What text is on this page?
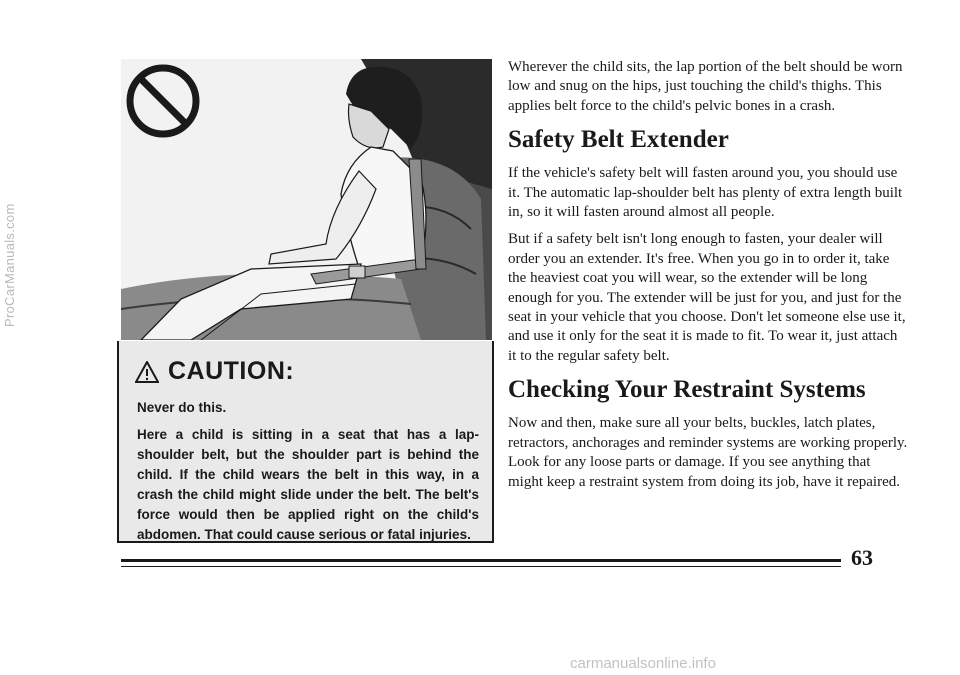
ProCarManuals.com
CAUTION:

Never do this.

Here a child is sitting in a seat that has a lap-shoulder belt, but the shoulder part is behind the child. If the child wears the belt in this way, in a crash the child might slide under the belt. The belt's force would then be applied right on the child's abdomen. That could cause serious or fatal injuries.

Wherever the child sits, the lap portion of the belt should be worn low and snug on the hips, just touching the child's thighs. This applies belt force to the child's pelvic bones in a crash.

Safety Belt Extender

If the vehicle's safety belt will fasten around you, you should use it. The automatic lap-shoulder belt has plenty of extra length built in, so it will fasten around almost all people.

But if a safety belt isn't long enough to fasten, your dealer will order you an extender. It's free. When you go in to order it, take the heaviest coat you will wear, so the extender will be long enough for you. The extender will be just for you, and just for the seat in your vehicle that you choose. Don't let someone else use it, and use it only for the seat it is made to fit. To wear it, just attach it to the regular safety belt.

Checking Your Restraint Systems

Now and then, make sure all your belts, buckles, latch plates, retractors, anchorages and reminder systems are working properly. Look for any loose parts or damage. If you see anything that might keep a restraint system from doing its job, have it repaired.

63
carmanualsonline.info
